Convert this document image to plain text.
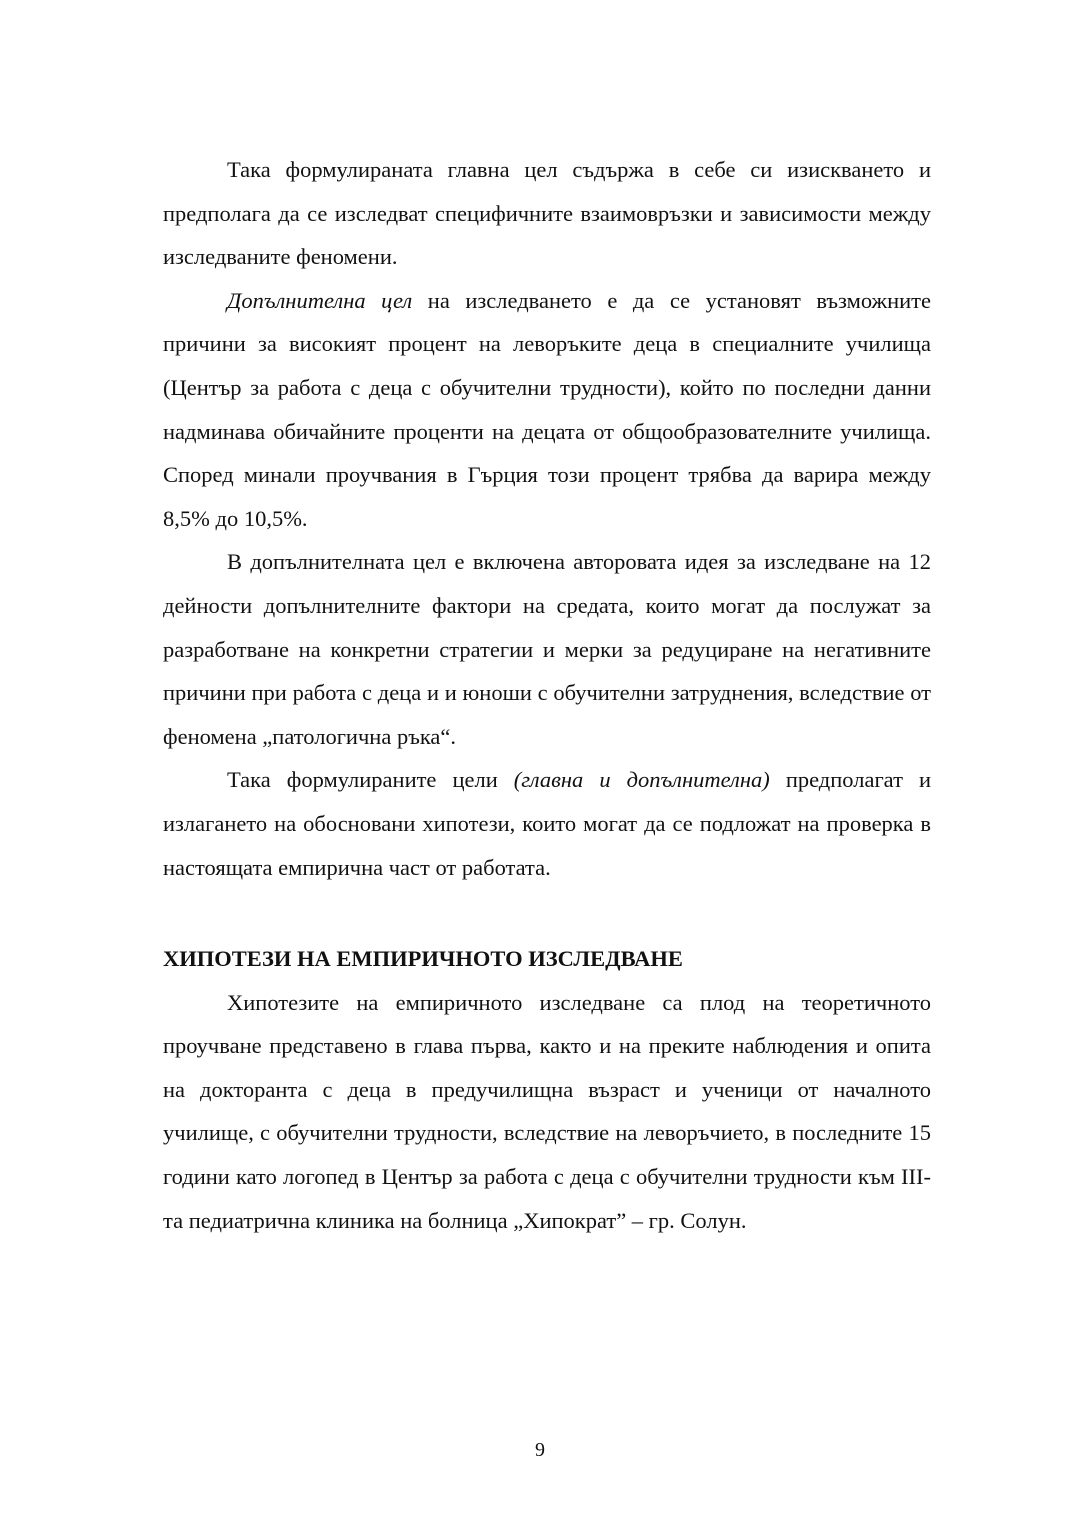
Така формулираната главна цел съдържа в себе си изискването и предполага да се изследват специфичните взаимовръзки и зависимости между изследваните феномени.

Допълнителна цел на изследването е да се установят възможните причини за високият процент на леворъките деца в специалните училища (Център за работа с деца с обучителни трудности), който по последни данни надминава обичайните проценти на децата от общообразователните училища. Според минали проучвания в Гърция този процент трябва да варира между 8,5% до 10,5%.

В допълнителната цел е включена авторовата идея за изследване на 12 дейности допълнителните фактори на средата, които могат да послужат за разработване на конкретни стратегии и мерки за редуциране на негативните причини при работа с деца и и юноши с обучителни затруднения, вследствие от феномена „патологична ръка“.

Така формулираните цели (главна и допълнителна) предполагат и излагането на обосновани хипотези, които могат да се подложат на проверка в настоящата емпирична част от работата.

ХИПОТЕЗИ НА ЕМПИРИЧНОТО ИЗСЛЕДВАНЕ

Хипотезите на емпиричното изследване са плод на теоретичното проучване представено в глава първа, както и на преките наблюдения и опита на докторанта с деца в предучилищна възраст и ученици от началното училище, с обучителни трудности, вследствие на леворъчието, в последните 15 години като логопед в Център за работа с деца с обучителни трудности към III-та педиатрична клиника на болница „Хипократ” – гр. Солун.

9
